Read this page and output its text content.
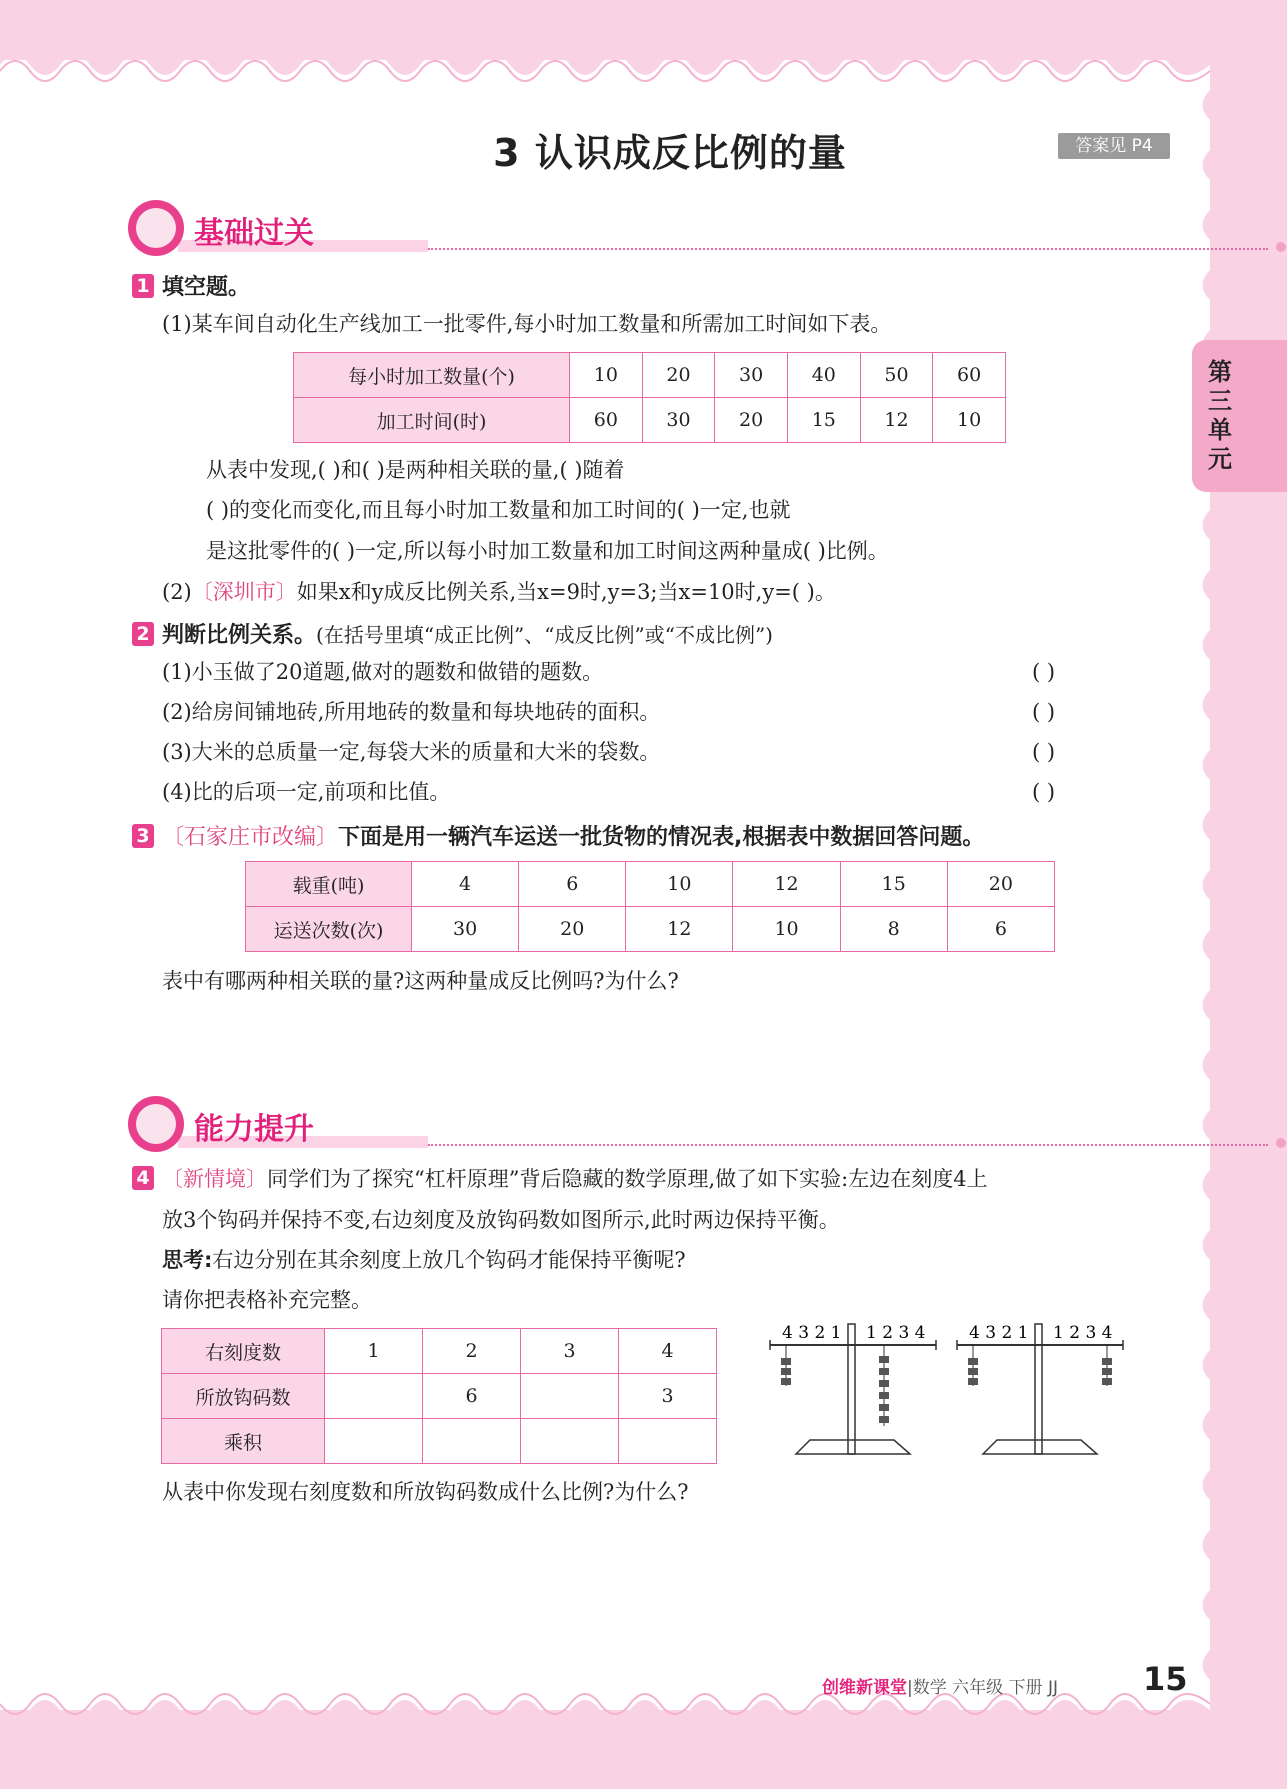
3 认识成反比例的量	答案见 P4
第三单元
基础过关
1 填空题。
(1)某车间自动化生产线加工一批零件,每小时加工数量和所需加工时间如下表。
每小时加工数量(个)	10	20	30	40	50	60
加工时间(时)	60	30	20	15	12	10
从表中发现,( )和( )是两种相关联的量,( )随着
( )的变化而变化,而且每小时加工数量和加工时间的( )一定,也就
是这批零件的( )一定,所以每小时加工数量和加工时间这两种量成( )比例。
(2)〔深圳市〕如果x和y成反比例关系,当x=9时,y=3;当x=10时,y=( )。
2 判断比例关系。(在括号里填“成正比例”、“成反比例”或“不成比例”)
(1)小玉做了20道题,做对的题数和做错的题数。	( )
(2)给房间铺地砖,所用地砖的数量和每块地砖的面积。	( )
(3)大米的总质量一定,每袋大米的质量和大米的袋数。	( )
(4)比的后项一定,前项和比值。	( )
3 〔石家庄市改编〕下面是用一辆汽车运送一批货物的情况表,根据表中数据回答问题。
载重(吨)	4	6	10	12	15	20
运送次数(次)	30	20	12	10	8	6
表中有哪两种相关联的量?这两种量成反比例吗?为什么?
能力提升
4 〔新情境〕同学们为了探究“杠杆原理”背后隐藏的数学原理,做了如下实验:左边在刻度4上
放3个钩码并保持不变,右边刻度及放钩码数如图所示,此时两边保持平衡。
思考:右边分别在其余刻度上放几个钩码才能保持平衡呢?
请你把表格补充完整。
右刻度数	1	2	3	4
所放钩码数		6		3
乘积				
4 3 2 1 1 2 3 4	4 3 2 1 1 2 3 4
从表中你发现右刻度数和所放钩码数成什么比例?为什么?
创维新课堂|数学 六年级 下册 JJ	15
